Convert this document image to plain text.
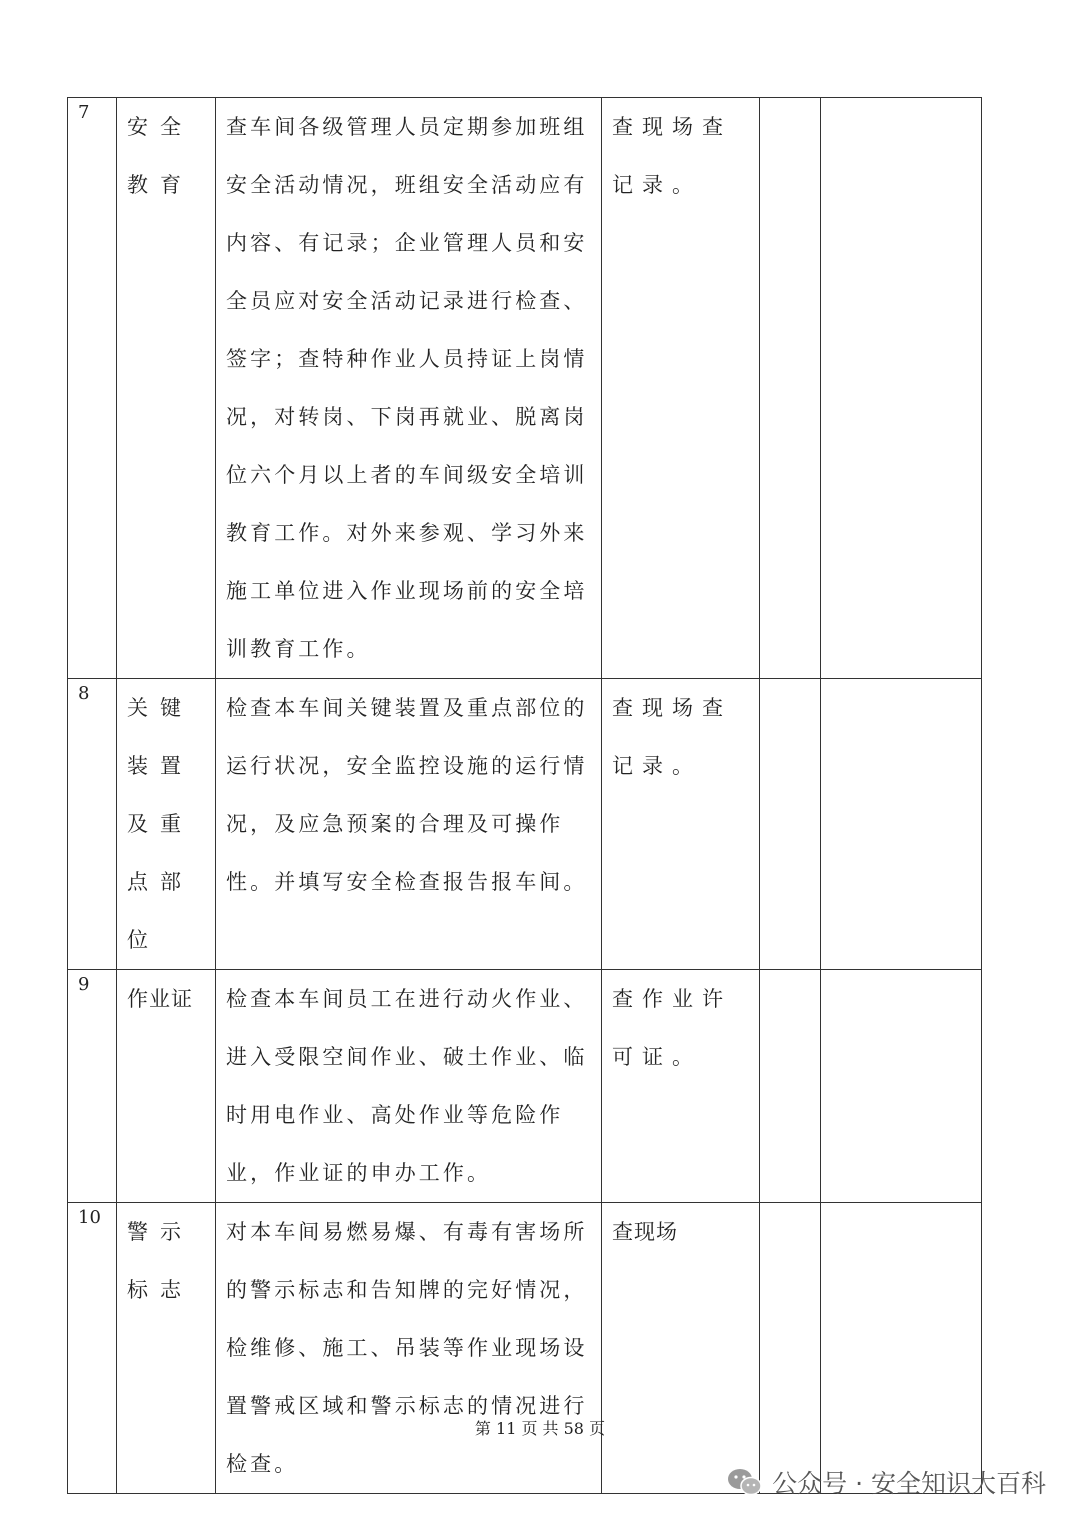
7	安全教育	查车间各级管理人员定期参加班组安全活动情况，班组安全活动应有内容、有记录；企业管理人员和安全员应对安全活动记录进行检查、签字；查特种作业人员持证上岗情况，对转岗、下岗再就业、脱离岗位六个月以上者的车间级安全培训教育工作。对外来参观、学习外来施工单位进入作业现场前的安全培训教育工作。	查现场查记录。		

8	关键装置及重点部位	检查本车间关键装置及重点部位的运行状况，安全监控设施的运行情况，及应急预案的合理及可操作性。并填写安全检查报告报车间。	查现场查记录。		

9	作业证	检查本车间员工在进行动火作业、进入受限空间作业、破土作业、临时用电作业、高处作业等危险作业，作业证的申办工作。	查作业许可证。		

10	警示标志	对本车间易燃易爆、有毒有害场所的警示标志和告知牌的完好情况，检维修、施工、吊装等作业现场设置警戒区域和警示标志的情况进行检查。	查现场		
第 11 页 共 58 页
公众号 · 安全知识大百科
